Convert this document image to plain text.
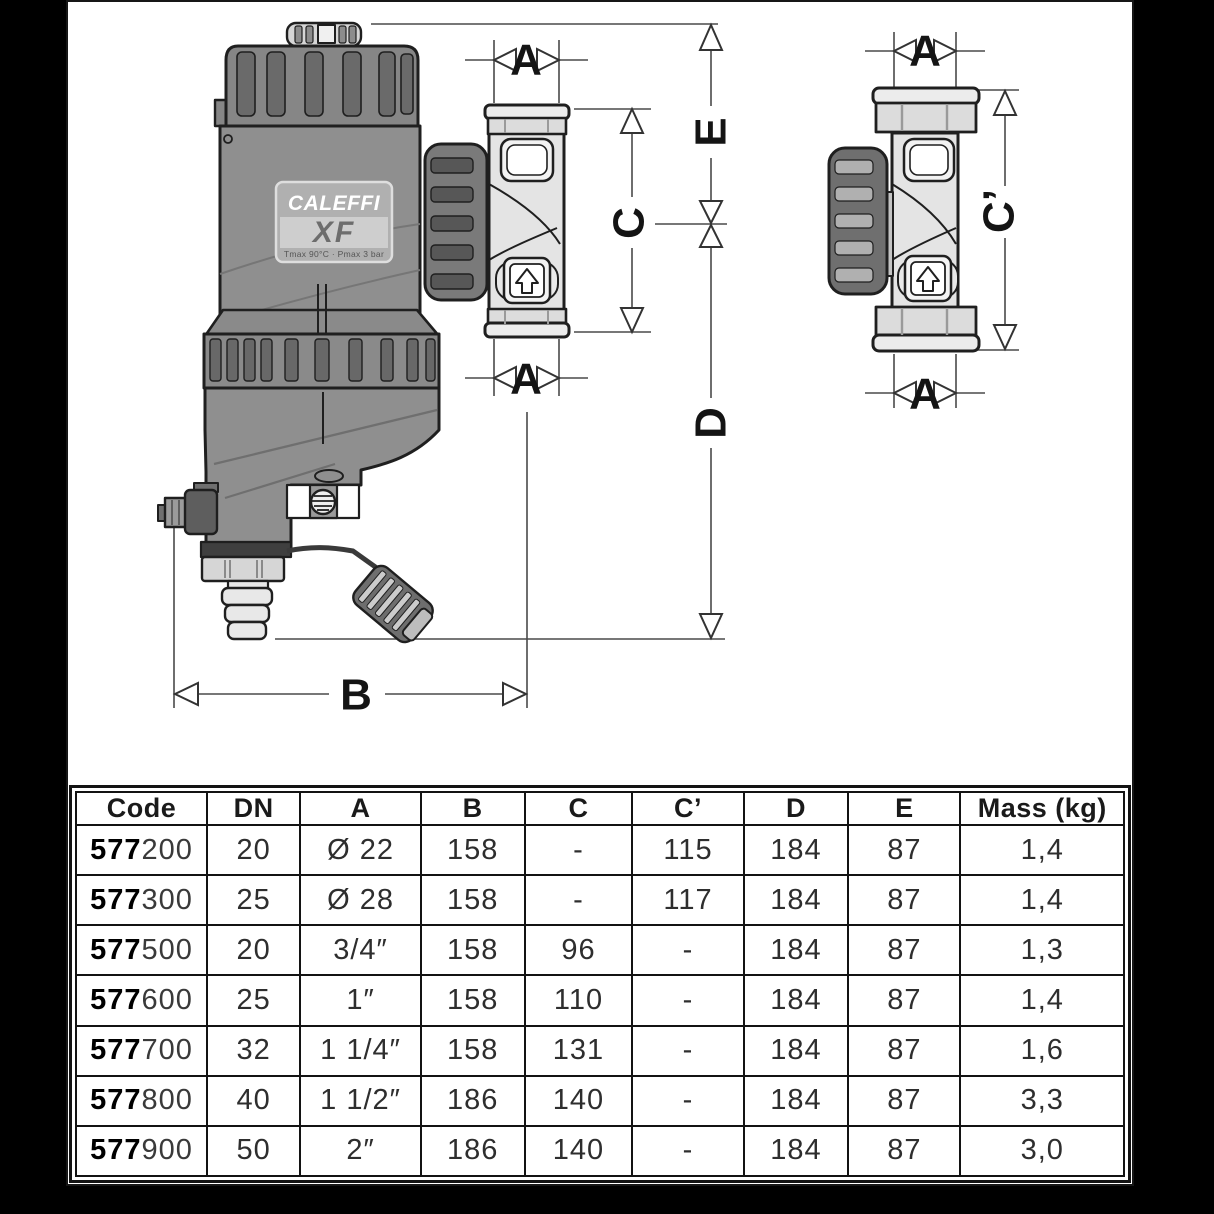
A
A
B
C
E
D
A
A
C’
CALEFFI
XF
Tmax 90°C · Pmax 3 bar
Code	DN	A	B	C	C’	D	E	Mass (kg)
577200	20	Ø 22	158	-	115	184	87	1,4
577300	25	Ø 28	158	-	117	184	87	1,4
577500	20	3/4″	158	96	-	184	87	1,3
577600	25	1″	158	110	-	184	87	1,4
577700	32	1 1/4″	158	131	-	184	87	1,6
577800	40	1 1/2″	186	140	-	184	87	3,3
577900	50	2″	186	140	-	184	87	3,0
